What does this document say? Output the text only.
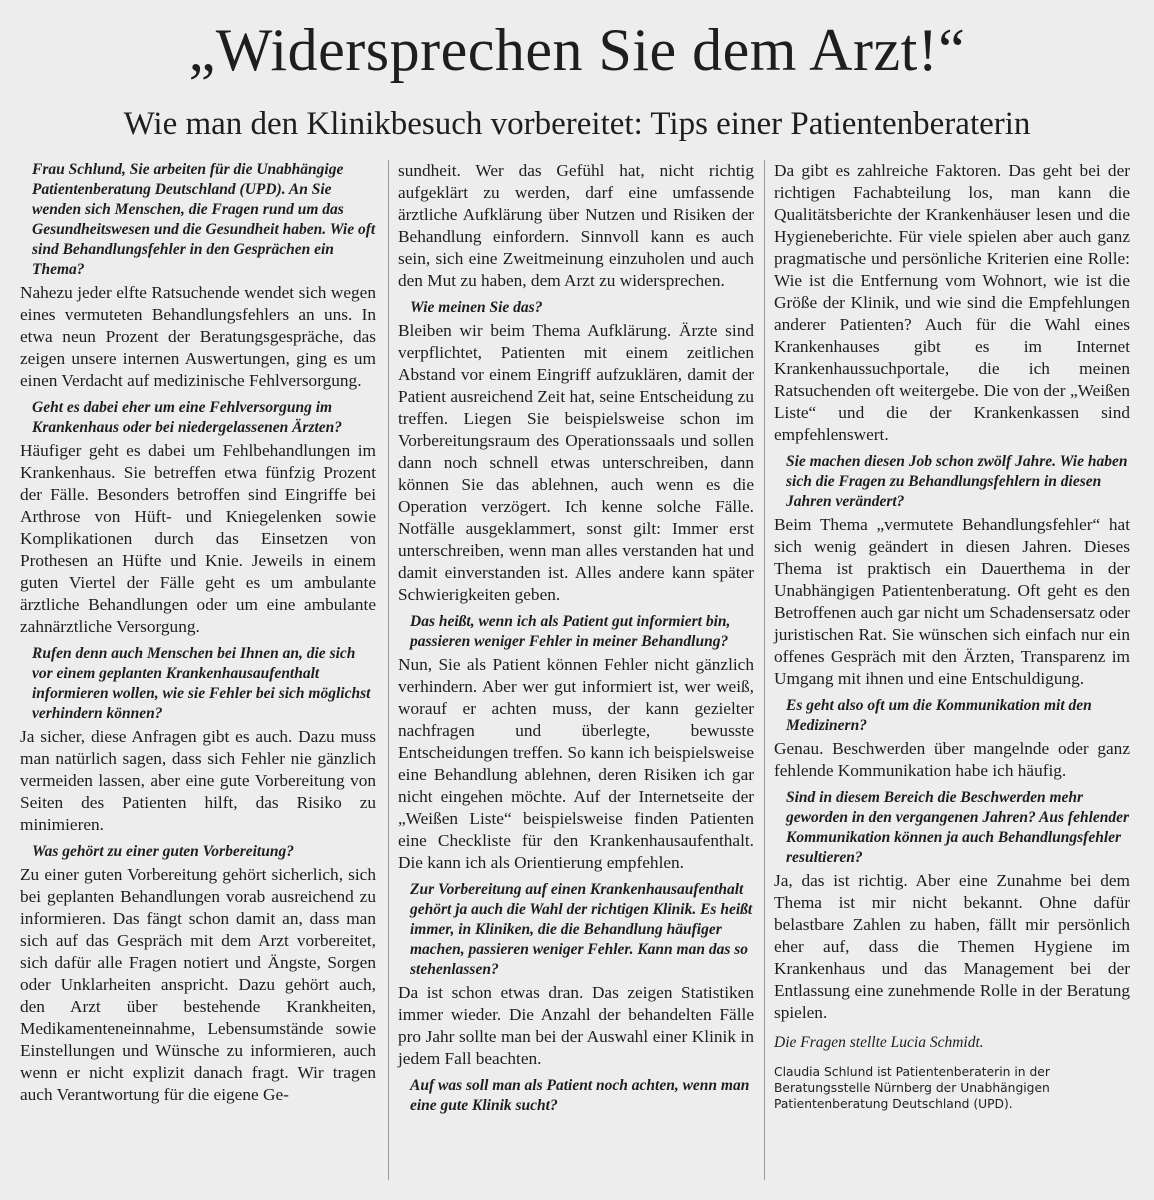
„Widersprechen Sie dem Arzt!“
Wie man den Klinikbesuch vorbereitet: Tips einer Patientenberaterin

Frau Schlund, Sie arbeiten für die Unabhängige Patientenberatung Deutschland (UPD). An Sie wenden sich Menschen, die Fragen rund um das Gesundheitswesen und die Gesundheit haben. Wie oft sind Behandlungsfehler in den Gesprächen ein Thema?

Nahezu jeder elfte Ratsuchende wendet sich wegen eines vermuteten Behandlungsfehlers an uns. In etwa neun Prozent der Beratungsgespräche, das zeigen unsere internen Auswertungen, ging es um einen Verdacht auf medizinische Fehlversorgung.

Geht es dabei eher um eine Fehlversorgung im Krankenhaus oder bei niedergelassenen Ärzten?

Häufiger geht es dabei um Fehlbehandlungen im Krankenhaus. Sie betreffen etwa fünfzig Prozent der Fälle. Besonders betroffen sind Eingriffe bei Arthrose von Hüft- und Kniegelenken sowie Komplikationen durch das Einsetzen von Prothesen an Hüfte und Knie. Jeweils in einem guten Viertel der Fälle geht es um ambulante ärztliche Behandlungen oder um eine ambulante zahnärztliche Versorgung.

Rufen denn auch Menschen bei Ihnen an, die sich vor einem geplanten Krankenhausaufenthalt informieren wollen, wie sie Fehler bei sich möglichst verhindern können?

Ja sicher, diese Anfragen gibt es auch. Dazu muss man natürlich sagen, dass sich Fehler nie gänzlich vermeiden lassen, aber eine gute Vorbereitung von Seiten des Patienten hilft, das Risiko zu minimieren.

Was gehört zu einer guten Vorbereitung?

Zu einer guten Vorbereitung gehört sicherlich, sich bei geplanten Behandlungen vorab ausreichend zu informieren. Das fängt schon damit an, dass man sich auf das Gespräch mit dem Arzt vorbereitet, sich dafür alle Fragen notiert und Ängste, Sorgen oder Unklarheiten anspricht. Dazu gehört auch, den Arzt über bestehende Krankheiten, Medikamenteneinnahme, Lebensumstände sowie Einstellungen und Wünsche zu informieren, auch wenn er nicht explizit danach fragt. Wir tragen auch Verantwortung für die eigene Ge-

sundheit. Wer das Gefühl hat, nicht richtig aufgeklärt zu werden, darf eine umfassende ärztliche Aufklärung über Nutzen und Risiken der Behandlung einfordern. Sinnvoll kann es auch sein, sich eine Zweitmeinung einzuholen und auch den Mut zu haben, dem Arzt zu widersprechen.

Wie meinen Sie das?

Bleiben wir beim Thema Aufklärung. Ärzte sind verpflichtet, Patienten mit einem zeitlichen Abstand vor einem Eingriff aufzuklären, damit der Patient ausreichend Zeit hat, seine Entscheidung zu treffen. Liegen Sie beispielsweise schon im Vorbereitungsraum des Operationssaals und sollen dann noch schnell etwas unterschreiben, dann können Sie das ablehnen, auch wenn es die Operation verzögert. Ich kenne solche Fälle. Notfälle ausgeklammert, sonst gilt: Immer erst unterschreiben, wenn man alles verstanden hat und damit einverstanden ist. Alles andere kann später Schwierigkeiten geben.

Das heißt, wenn ich als Patient gut informiert bin, passieren weniger Fehler in meiner Behandlung?

Nun, Sie als Patient können Fehler nicht gänzlich verhindern. Aber wer gut informiert ist, wer weiß, worauf er achten muss, der kann gezielter nachfragen und überlegte, bewusste Entscheidungen treffen. So kann ich beispielsweise eine Behandlung ablehnen, deren Risiken ich gar nicht eingehen möchte. Auf der Internetseite der „Weißen Liste“ beispielsweise finden Patienten eine Checkliste für den Krankenhausaufenthalt. Die kann ich als Orientierung empfehlen.

Zur Vorbereitung auf einen Krankenhausaufenthalt gehört ja auch die Wahl der richtigen Klinik. Es heißt immer, in Kliniken, die die Behandlung häufiger machen, passieren weniger Fehler. Kann man das so stehenlassen?

Da ist schon etwas dran. Das zeigen Statistiken immer wieder. Die Anzahl der behandelten Fälle pro Jahr sollte man bei der Auswahl einer Klinik in jedem Fall beachten.

Auf was soll man als Patient noch achten, wenn man eine gute Klinik sucht?

Da gibt es zahlreiche Faktoren. Das geht bei der richtigen Fachabteilung los, man kann die Qualitätsberichte der Krankenhäuser lesen und die Hygieneberichte. Für viele spielen aber auch ganz pragmatische und persönliche Kriterien eine Rolle: Wie ist die Entfernung vom Wohnort, wie ist die Größe der Klinik, und wie sind die Empfehlungen anderer Patienten? Auch für die Wahl eines Krankenhauses gibt es im Internet Krankenhaussuchportale, die ich meinen Ratsuchenden oft weitergebe. Die von der „Weißen Liste“ und die der Krankenkassen sind empfehlenswert.

Sie machen diesen Job schon zwölf Jahre. Wie haben sich die Fragen zu Behandlungsfehlern in diesen Jahren verändert?

Beim Thema „vermutete Behandlungsfehler“ hat sich wenig geändert in diesen Jahren. Dieses Thema ist praktisch ein Dauerthema in der Unabhängigen Patientenberatung. Oft geht es den Betroffenen auch gar nicht um Schadensersatz oder juristischen Rat. Sie wünschen sich einfach nur ein offenes Gespräch mit den Ärzten, Transparenz im Umgang mit ihnen und eine Entschuldigung.

Es geht also oft um die Kommunikation mit den Medizinern?

Genau. Beschwerden über mangelnde oder ganz fehlende Kommunikation habe ich häufig.

Sind in diesem Bereich die Beschwerden mehr geworden in den vergangenen Jahren? Aus fehlender Kommunikation können ja auch Behandlungsfehler resultieren?

Ja, das ist richtig. Aber eine Zunahme bei dem Thema ist mir nicht bekannt. Ohne dafür belastbare Zahlen zu haben, fällt mir persönlich eher auf, dass die Themen Hygiene im Krankenhaus und das Management bei der Entlassung eine zunehmende Rolle in der Beratung spielen.

Die Fragen stellte Lucia Schmidt.

Claudia Schlund ist Patientenberaterin in der Beratungsstelle Nürnberg der Unabhängigen Patientenberatung Deutschland (UPD).
